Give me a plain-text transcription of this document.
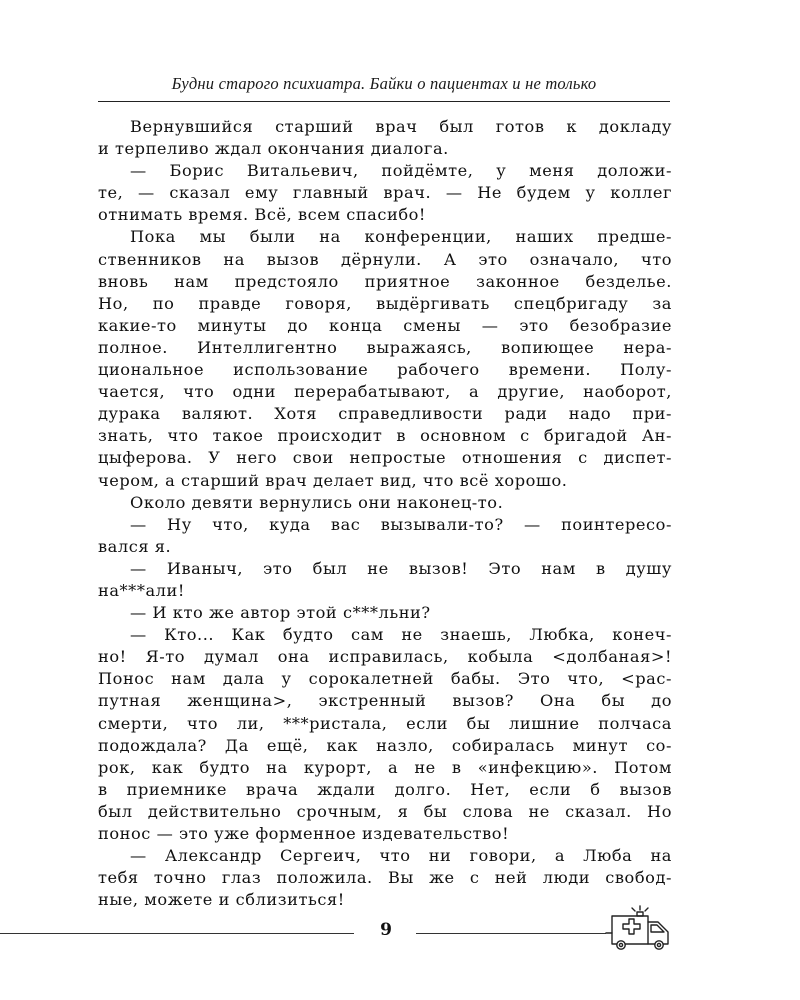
Будни старого психиатра. Байки о пациентах и не только
Вернувшийся старший врач был готов к докладу
и терпеливо ждал окончания диалога.
— Борис Витальевич, пойдёмте, у меня доложи-
те, — сказал ему главный врач. — Не будем у коллег
отнимать время. Всё, всем спасибо!
Пока мы были на конференции, наших предше-
ственников на вызов дёрнули. А это означало, что
вновь нам предстояло приятное законное безделье.
Но, по правде говоря, выдёргивать спецбригаду за
какие-то минуты до конца смены — это безобразие
полное. Интеллигентно выражаясь, вопиющее нера-
циональное использование рабочего времени. Полу-
чается, что одни перерабатывают, а другие, наоборот,
дурака валяют. Хотя справедливости ради надо при-
знать, что такое происходит в основном с бригадой Ан-
цыферова. У него свои непростые отношения с диспет-
чером, а старший врач делает вид, что всё хорошо.
Около девяти вернулись они наконец-то.
— Ну что, куда вас вызывали-то? — поинтересо-
вался я.
— Иваныч, это был не вызов! Это нам в душу
на***али!
— И кто же автор этой с***льни?
— Кто... Как будто сам не знаешь, Любка, конеч-
но! Я-то думал она исправилась, кобыла <долбаная>!
Понос нам дала у сорокалетней бабы. Это что, <рас-
путная женщина>, экстренный вызов? Она бы до
смерти, что ли, ***ристала, если бы лишние полчаса
подождала? Да ещё, как назло, собиралась минут со-
рок, как будто на курорт, а не в «инфекцию». Потом
в приемнике врача ждали долго. Нет, если б вызов
был действительно срочным, я бы слова не сказал. Но
понос — это уже форменное издевательство!
— Александр Сергеич, что ни говори, а Люба на
тебя точно глаз положила. Вы же с ней люди свобод-
ные, можете и сблизиться!
9
